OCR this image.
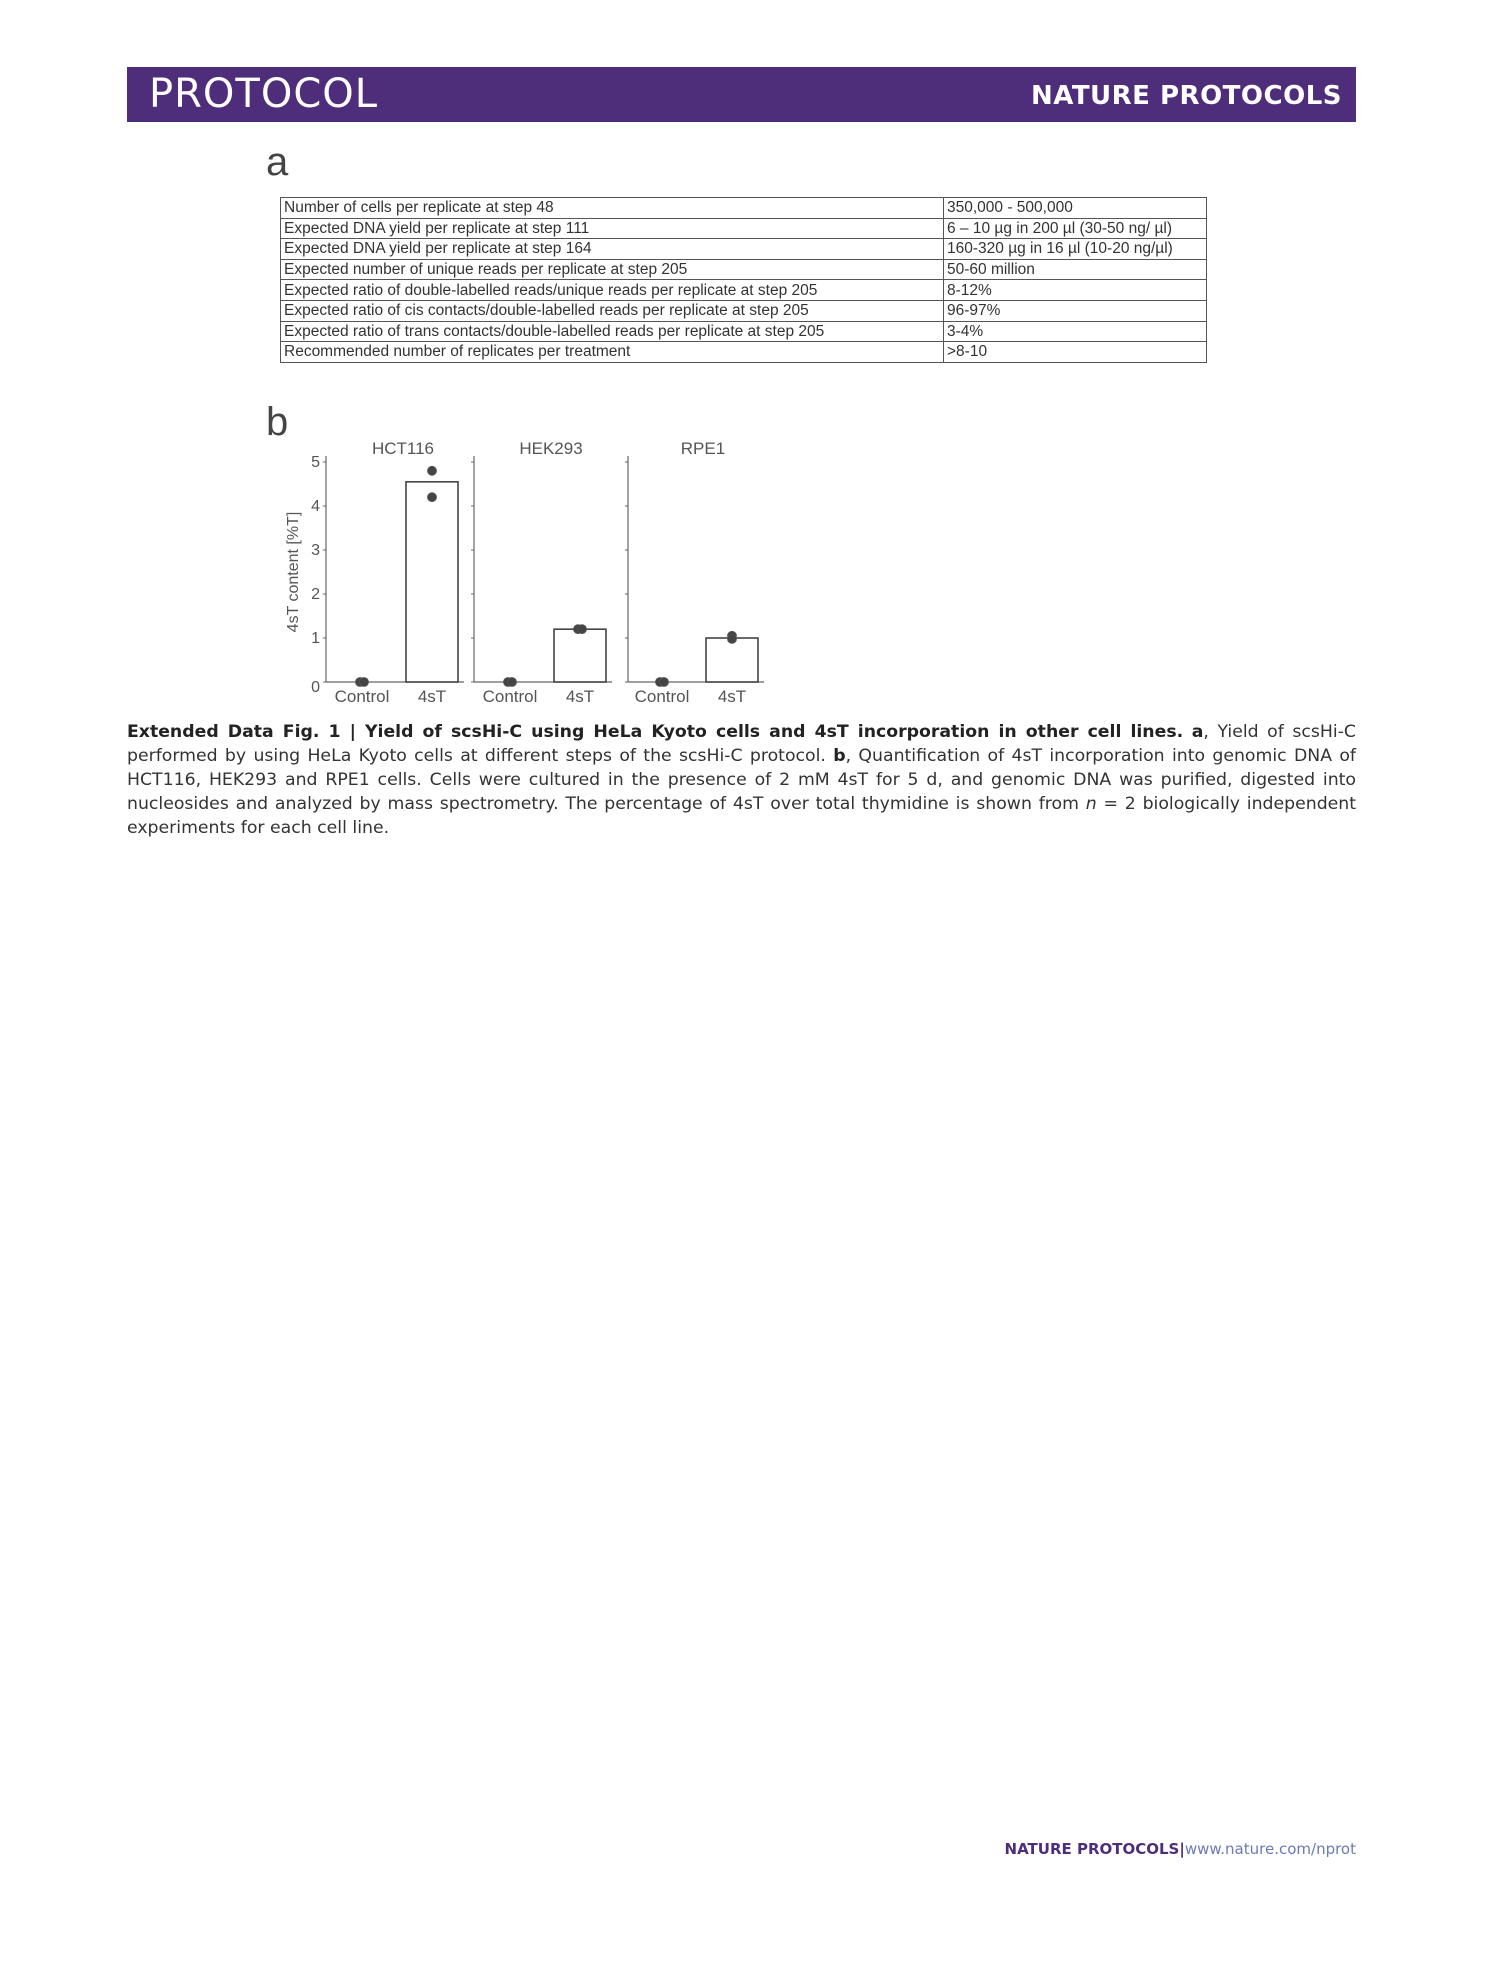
PROTOCOL	NATURE PROTOCOLS
a
Number of cells per replicate at step 48	350,000 - 500,000
Expected DNA yield per replicate at step 111	6 – 10 µg in 200 µl (30-50 ng/ µl)
Expected DNA yield per replicate at step 164	160-320 µg in 16 µl (10-20 ng/µl)
Expected number of unique reads per replicate at step 205	50-60 million
Expected ratio of double-labelled reads/unique reads per replicate at step 205	8-12%
Expected ratio of cis contacts/double-labelled reads per replicate at step 205	96-97%
Expected ratio of trans contacts/double-labelled reads per replicate at step 205	3-4%
Recommended number of replicates per treatment	>8-10
b
4sT content [%T]
HCT116
0
1
2
3
4
5
Control 4sT
HEK293
Control 4sT
RPE1
Control 4sT
Extended Data Fig. 1 | Yield of scsHi-C using HeLa Kyoto cells and 4sT incorporation in other cell lines. a, Yield of scsHi-C performed by using HeLa Kyoto cells at different steps of the scsHi-C protocol. b, Quantification of 4sT incorporation into genomic DNA of HCT116, HEK293 and RPE1 cells. Cells were cultured in the presence of 2 mM 4sT for 5 d, and genomic DNA was purified, digested into nucleosides and analyzed by mass spectrometry. The percentage of 4sT over total thymidine is shown from n = 2 biologically independent experiments for each cell line.
NATURE PROTOCOLS|www.nature.com/nprot
